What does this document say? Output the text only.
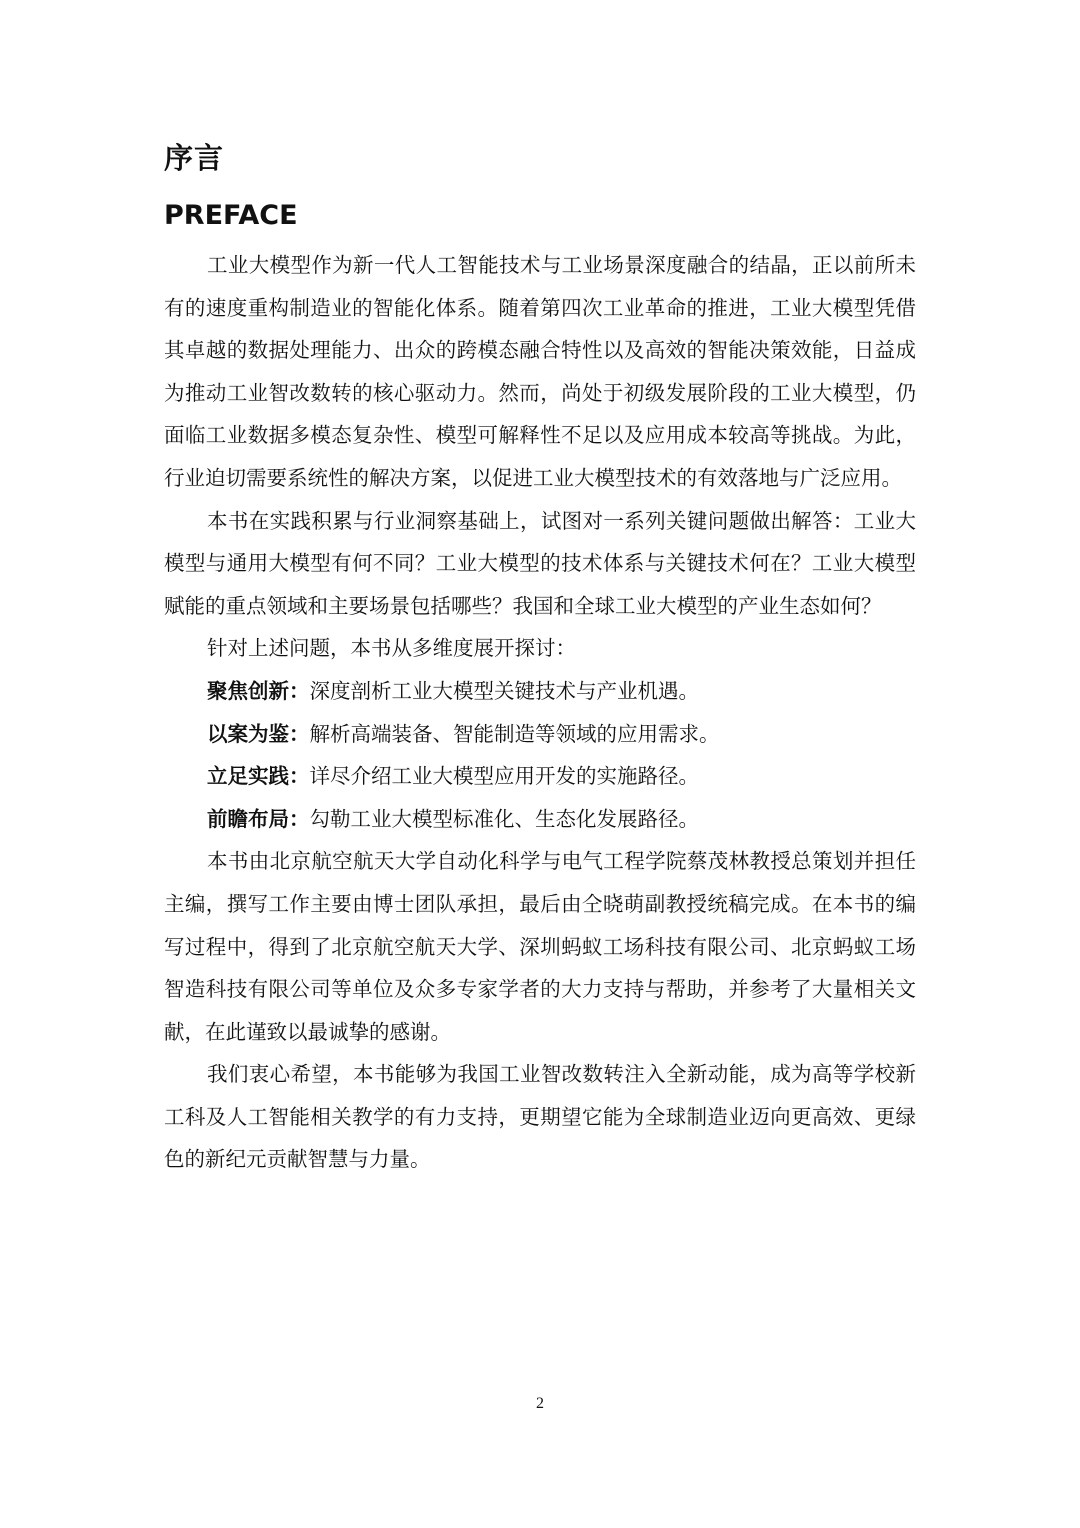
序言
PREFACE

工业大模型作为新一代人工智能技术与工业场景深度融合的结晶，正以前所未有的速度重构制造业的智能化体系。随着第四次工业革命的推进，工业大模型凭借其卓越的数据处理能力、出众的跨模态融合特性以及高效的智能决策效能，日益成为推动工业智改数转的核心驱动力。然而，尚处于初级发展阶段的工业大模型，仍面临工业数据多模态复杂性、模型可解释性不足以及应用成本较高等挑战。为此，行业迫切需要系统性的解决方案，以促进工业大模型技术的有效落地与广泛应用。

本书在实践积累与行业洞察基础上，试图对一系列关键问题做出解答：工业大模型与通用大模型有何不同？工业大模型的技术体系与关键技术何在？工业大模型赋能的重点领域和主要场景包括哪些？我国和全球工业大模型的产业生态如何？

针对上述问题，本书从多维度展开探讨：

聚焦创新：深度剖析工业大模型关键技术与产业机遇。

以案为鉴：解析高端装备、智能制造等领域的应用需求。

立足实践：详尽介绍工业大模型应用开发的实施路径。

前瞻布局：勾勒工业大模型标准化、生态化发展路径。

本书由北京航空航天大学自动化科学与电气工程学院蔡茂林教授总策划并担任主编，撰写工作主要由博士团队承担，最后由仝晓萌副教授统稿完成。在本书的编写过程中，得到了北京航空航天大学、深圳蚂蚁工场科技有限公司、北京蚂蚁工场智造科技有限公司等单位及众多专家学者的大力支持与帮助，并参考了大量相关文献，在此谨致以最诚挚的感谢。

我们衷心希望，本书能够为我国工业智改数转注入全新动能，成为高等学校新工科及人工智能相关教学的有力支持，更期望它能为全球制造业迈向更高效、更绿色的新纪元贡献智慧与力量。

2
